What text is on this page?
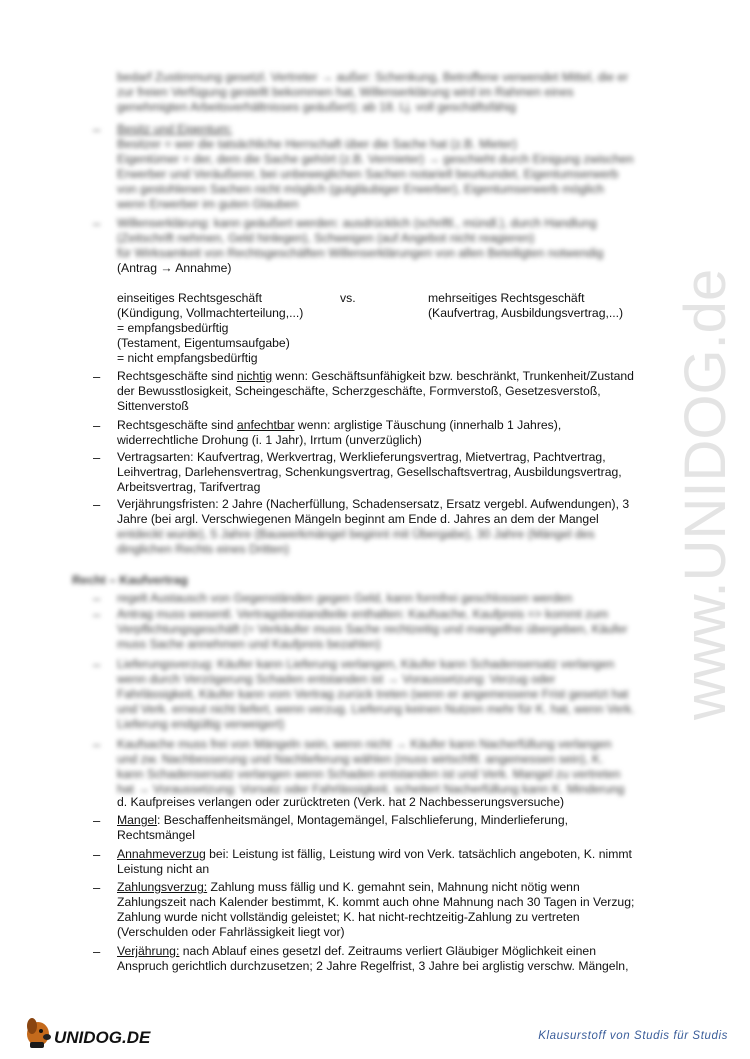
www.UNIDOG.de
bedarf Zustimmung gesetzl. Vertreter → außer: Schenkung, Betroffene verwendet Mittel, die er
zur freien Verfügung gestellt bekommen hat, Willenserklärung wird im Rahmen eines
genehmigten Arbeitsverhältnisses geäußert); ab 18. Lj. voll geschäftsfähig
– Besitz und Eigentum:
Besitzer = wer die tatsächliche Herrschaft über die Sache hat (z.B. Mieter)
Eigentümer = der, dem die Sache gehört (z.B. Vermieter) → geschieht durch Einigung zwischen
Erwerber und Veräußerer, bei unbeweglichen Sachen notariell beurkundet, Eigentumserwerb
von gestohlenen Sachen nicht möglich (gutgläubiger Erwerber), Eigentumserwerb möglich
wenn Erwerber im guten Glauben
– Willenserklärung: kann geäußert werden: ausdrücklich (schriftl., mündl.), durch Handlung
(Zeitschrift nehmen, Geld hinlegen), Schweigen (auf Angebot nicht reagieren)
für Wirksamkeit von Rechtsgeschäften Willenserklärungen von allen Beteiligten notwendig
(Antrag → Annahme)
einseitiges Rechtsgeschäft	vs.	mehrseitiges Rechtsgeschäft
(Kündigung, Vollmachterteilung,...)	(Kaufvertrag, Ausbildungsvertrag,...)
= empfangsbedürftig
(Testament, Eigentumsaufgabe)
= nicht empfangsbedürftig
– Rechtsgeschäfte sind nichtig wenn: Geschäftsunfähigkeit bzw. beschränkt, Trunkenheit/Zustand
der Bewusstlosigkeit, Scheingeschäfte, Scherzgeschäfte, Formverstoß, Gesetzesverstoß,
Sittenverstoß
– Rechtsgeschäfte sind anfechtbar wenn: arglistige Täuschung (innerhalb 1 Jahres),
widerrechtliche Drohung (i. 1 Jahr), Irrtum (unverzüglich)
– Vertragsarten: Kaufvertrag, Werkvertrag, Werklieferungsvertrag, Mietvertrag, Pachtvertrag,
Leihvertrag, Darlehensvertrag, Schenkungsvertrag, Gesellschaftsvertrag, Ausbildungsvertrag,
Arbeitsvertrag, Tarifvertrag
– Verjährungsfristen: 2 Jahre (Nacherfüllung, Schadensersatz, Ersatz vergebl. Aufwendungen), 3
Jahre (bei argl. Verschwiegenen Mängeln beginnt am Ende d. Jahres an dem der Mangel
entdeckt wurde), 5 Jahre (Bauwerkmängel beginnt mit Übergabe), 30 Jahre (Mängel des
dinglichen Rechts eines Dritten)
Recht – Kaufvertrag
– regelt Austausch von Gegenständen gegen Geld, kann formfrei geschlossen werden
– Antrag muss wesentl. Vertragsbestandteile enthalten: Kaufsache, Kaufpreis => kommt zum
Verpflichtungsgeschäft (= Verkäufer muss Sache rechtzeitig und mangelfrei übergeben, Käufer
muss Sache annehmen und Kaufpreis bezahlen)
– Lieferungsverzug: Käufer kann Lieferung verlangen, Käufer kann Schadensersatz verlangen
wenn durch Verzögerung Schaden entstanden ist → Voraussetzung: Verzug oder
Fahrlässigkeit, Käufer kann vom Vertrag zurück treten (wenn er angemessene Frist gesetzt hat
und Verk. erneut nicht liefert, wenn verzug. Lieferung keinen Nutzen mehr für K. hat, wenn Verk.
Lieferung endgültig verweigert)
– Kaufsache muss frei von Mängeln sein, wenn nicht → Käufer kann Nacherfüllung verlangen
und zw. Nachbesserung und Nachlieferung wählen (muss wirtschftl. angemessen sein), K.
kann Schadensersatz verlangen wenn Schaden entstanden ist und Verk. Mangel zu vertreten
hat → Voraussetzung: Vorsatz oder Fahrlässigkeit, scheitert Nacherfüllung kann K. Minderung
d. Kaufpreises verlangen oder zurücktreten (Verk. hat 2 Nachbesserungsversuche)
– Mangel: Beschaffenheitsmängel, Montagemängel, Falschlieferung, Minderlieferung,
Rechtsmängel
– Annahmeverzug bei: Leistung ist fällig, Leistung wird von Verk. tatsächlich angeboten, K. nimmt
Leistung nicht an
– Zahlungsverzug: Zahlung muss fällig und K. gemahnt sein, Mahnung nicht nötig wenn
Zahlungszeit nach Kalender bestimmt, K. kommt auch ohne Mahnung nach 30 Tagen in Verzug;
Zahlung wurde nicht vollständig geleistet; K. hat nicht-rechtzeitig-Zahlung zu vertreten
(Verschulden oder Fahrlässigkeit liegt vor)
– Verjährung: nach Ablauf eines gesetzl def. Zeitraums verliert Gläubiger Möglichkeit einen
Anspruch gerichtlich durchzusetzen; 2 Jahre Regelfrist, 3 Jahre bei arglistig verschw. Mängeln,
UNIDOG.DE	Klausurstoff von Studis für Studis
